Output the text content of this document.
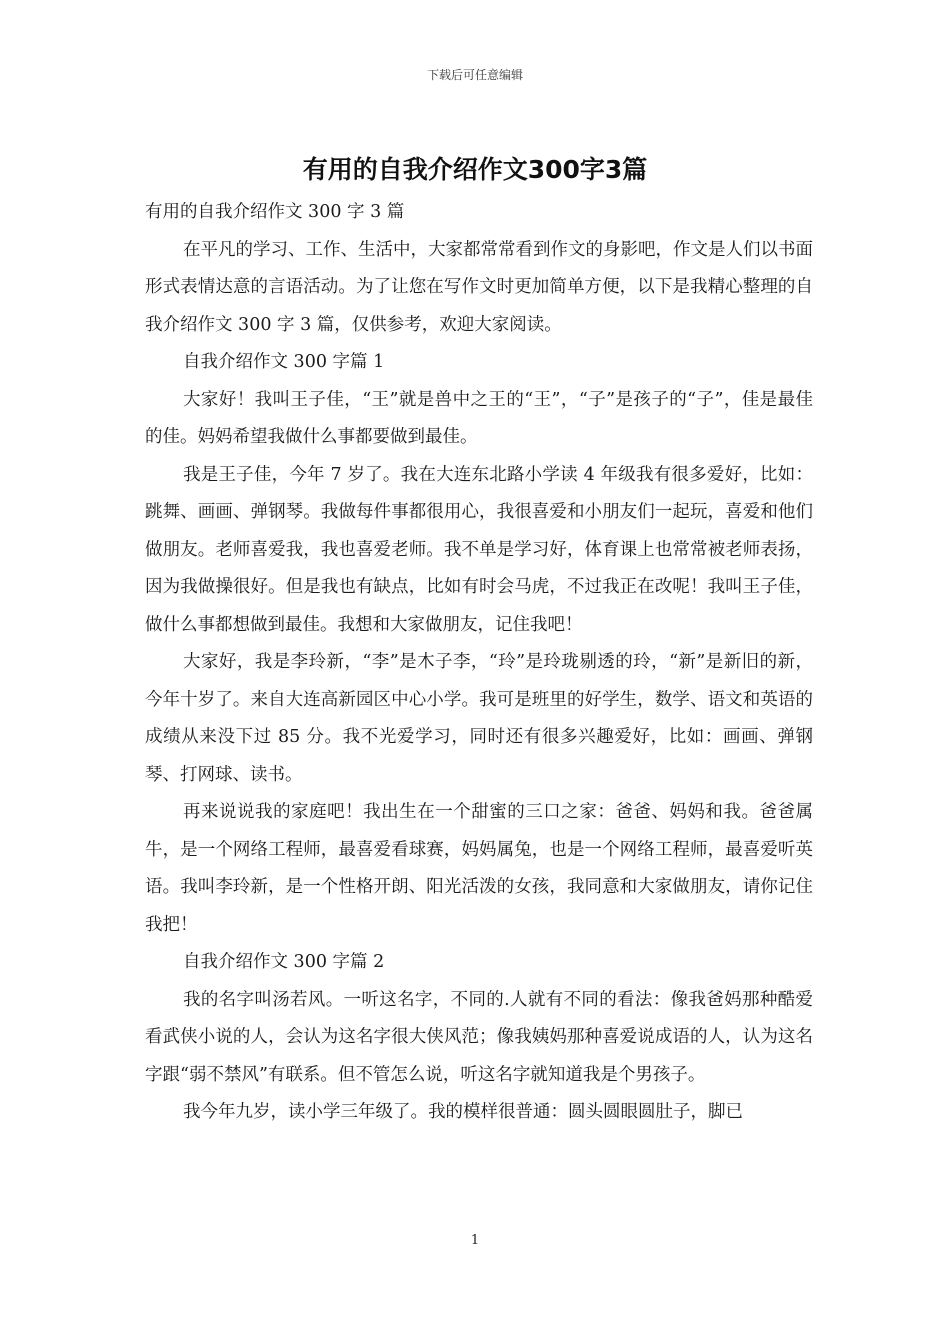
下载后可任意编辑
有用的自我介绍作文300字3篇

有用的自我介绍作文 300 字 3 篇

在平凡的学习、工作、生活中，大家都常常看到作文的身影吧，作文是人们以书面形式表情达意的言语活动。为了让您在写作文时更加简单方便，以下是我精心整理的自我介绍作文 300 字 3 篇，仅供参考，欢迎大家阅读。

自我介绍作文 300 字篇 1

大家好！我叫王子佳，“王”就是兽中之王的“王”，“子”是孩子的“子”，佳是最佳的佳。妈妈希望我做什么事都要做到最佳。

我是王子佳，今年 7 岁了。我在大连东北路小学读 4 年级我有很多爱好，比如：跳舞、画画、弹钢琴。我做每件事都很用心，我很喜爱和小朋友们一起玩，喜爱和他们做朋友。老师喜爱我，我也喜爱老师。我不单是学习好，体育课上也常常被老师表扬，因为我做操很好。但是我也有缺点，比如有时会马虎，不过我正在改呢！我叫王子佳，做什么事都想做到最佳。我想和大家做朋友，记住我吧！

大家好，我是李玲新，“李”是木子李，“玲”是玲珑剔透的玲，“新”是新旧的新，今年十岁了。来自大连高新园区中心小学。我可是班里的好学生，数学、语文和英语的成绩从来没下过 85 分。我不光爱学习，同时还有很多兴趣爱好，比如：画画、弹钢琴、打网球、读书。

再来说说我的家庭吧！我出生在一个甜蜜的三口之家：爸爸、妈妈和我。爸爸属牛，是一个网络工程师，最喜爱看球赛，妈妈属兔，也是一个网络工程师，最喜爱听英语。我叫李玲新，是一个性格开朗、阳光活泼的女孩，我同意和大家做朋友，请你记住我把！

自我介绍作文 300 字篇 2

我的名字叫汤若风。一听这名字，不同的.人就有不同的看法：像我爸妈那种酷爱看武侠小说的人，会认为这名字很大侠风范；像我姨妈那种喜爱说成语的人，认为这名字跟“弱不禁风”有联系。但不管怎么说，听这名字就知道我是个男孩子。

我今年九岁，读小学三年级了。我的模样很普通：圆头圆眼圆肚子，脚已

1
